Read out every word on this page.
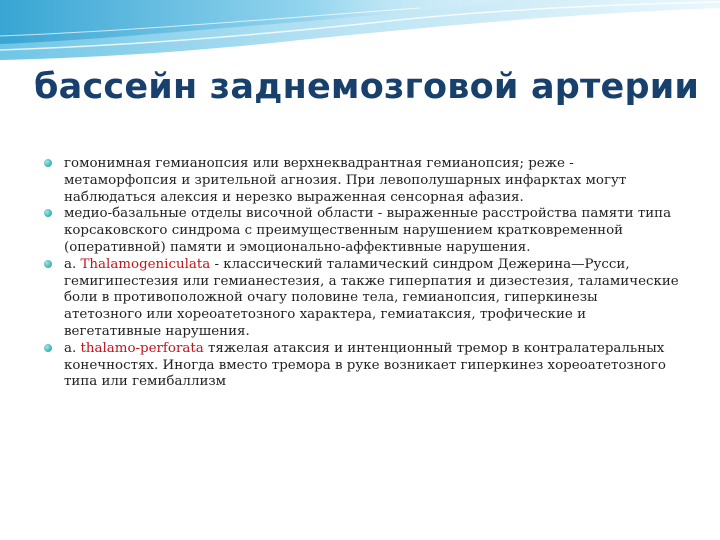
бассейн заднемозговой артерии
гомонимная гемианопсия или верхнеквадрантная гемианопсия; реже - метаморфопсия и зрительной агнозия. При левополушарных инфарктах могут наблюдаться алексия и нерезко выраженная сенсорная афазия.
медио-базальные отделы височной области - выраженные расстройства памяти типа корсаковского синдрома с преимущественным нарушением кратковременной (оперативной) памяти и эмоционально-аффективные нарушения.
a. Thalamogeniculata - классический таламический синдром Дежерина—Русси, гемигипестезия или гемианестезия, а также гиперпатия и дизестезия, таламические боли в противоположной очагу половине тела, гемианопсия, гиперкинезы атетозного или хореоатетозного характера, гемиатаксия, трофические и вегетативные нарушения.
a. thalamo-perforata тяжелая атаксия и интенционный тремор в контралатеральных конечностях. Иногда вместо тремора в руке возникает гиперкинез хореоатетозного типа или гемибаллизм
